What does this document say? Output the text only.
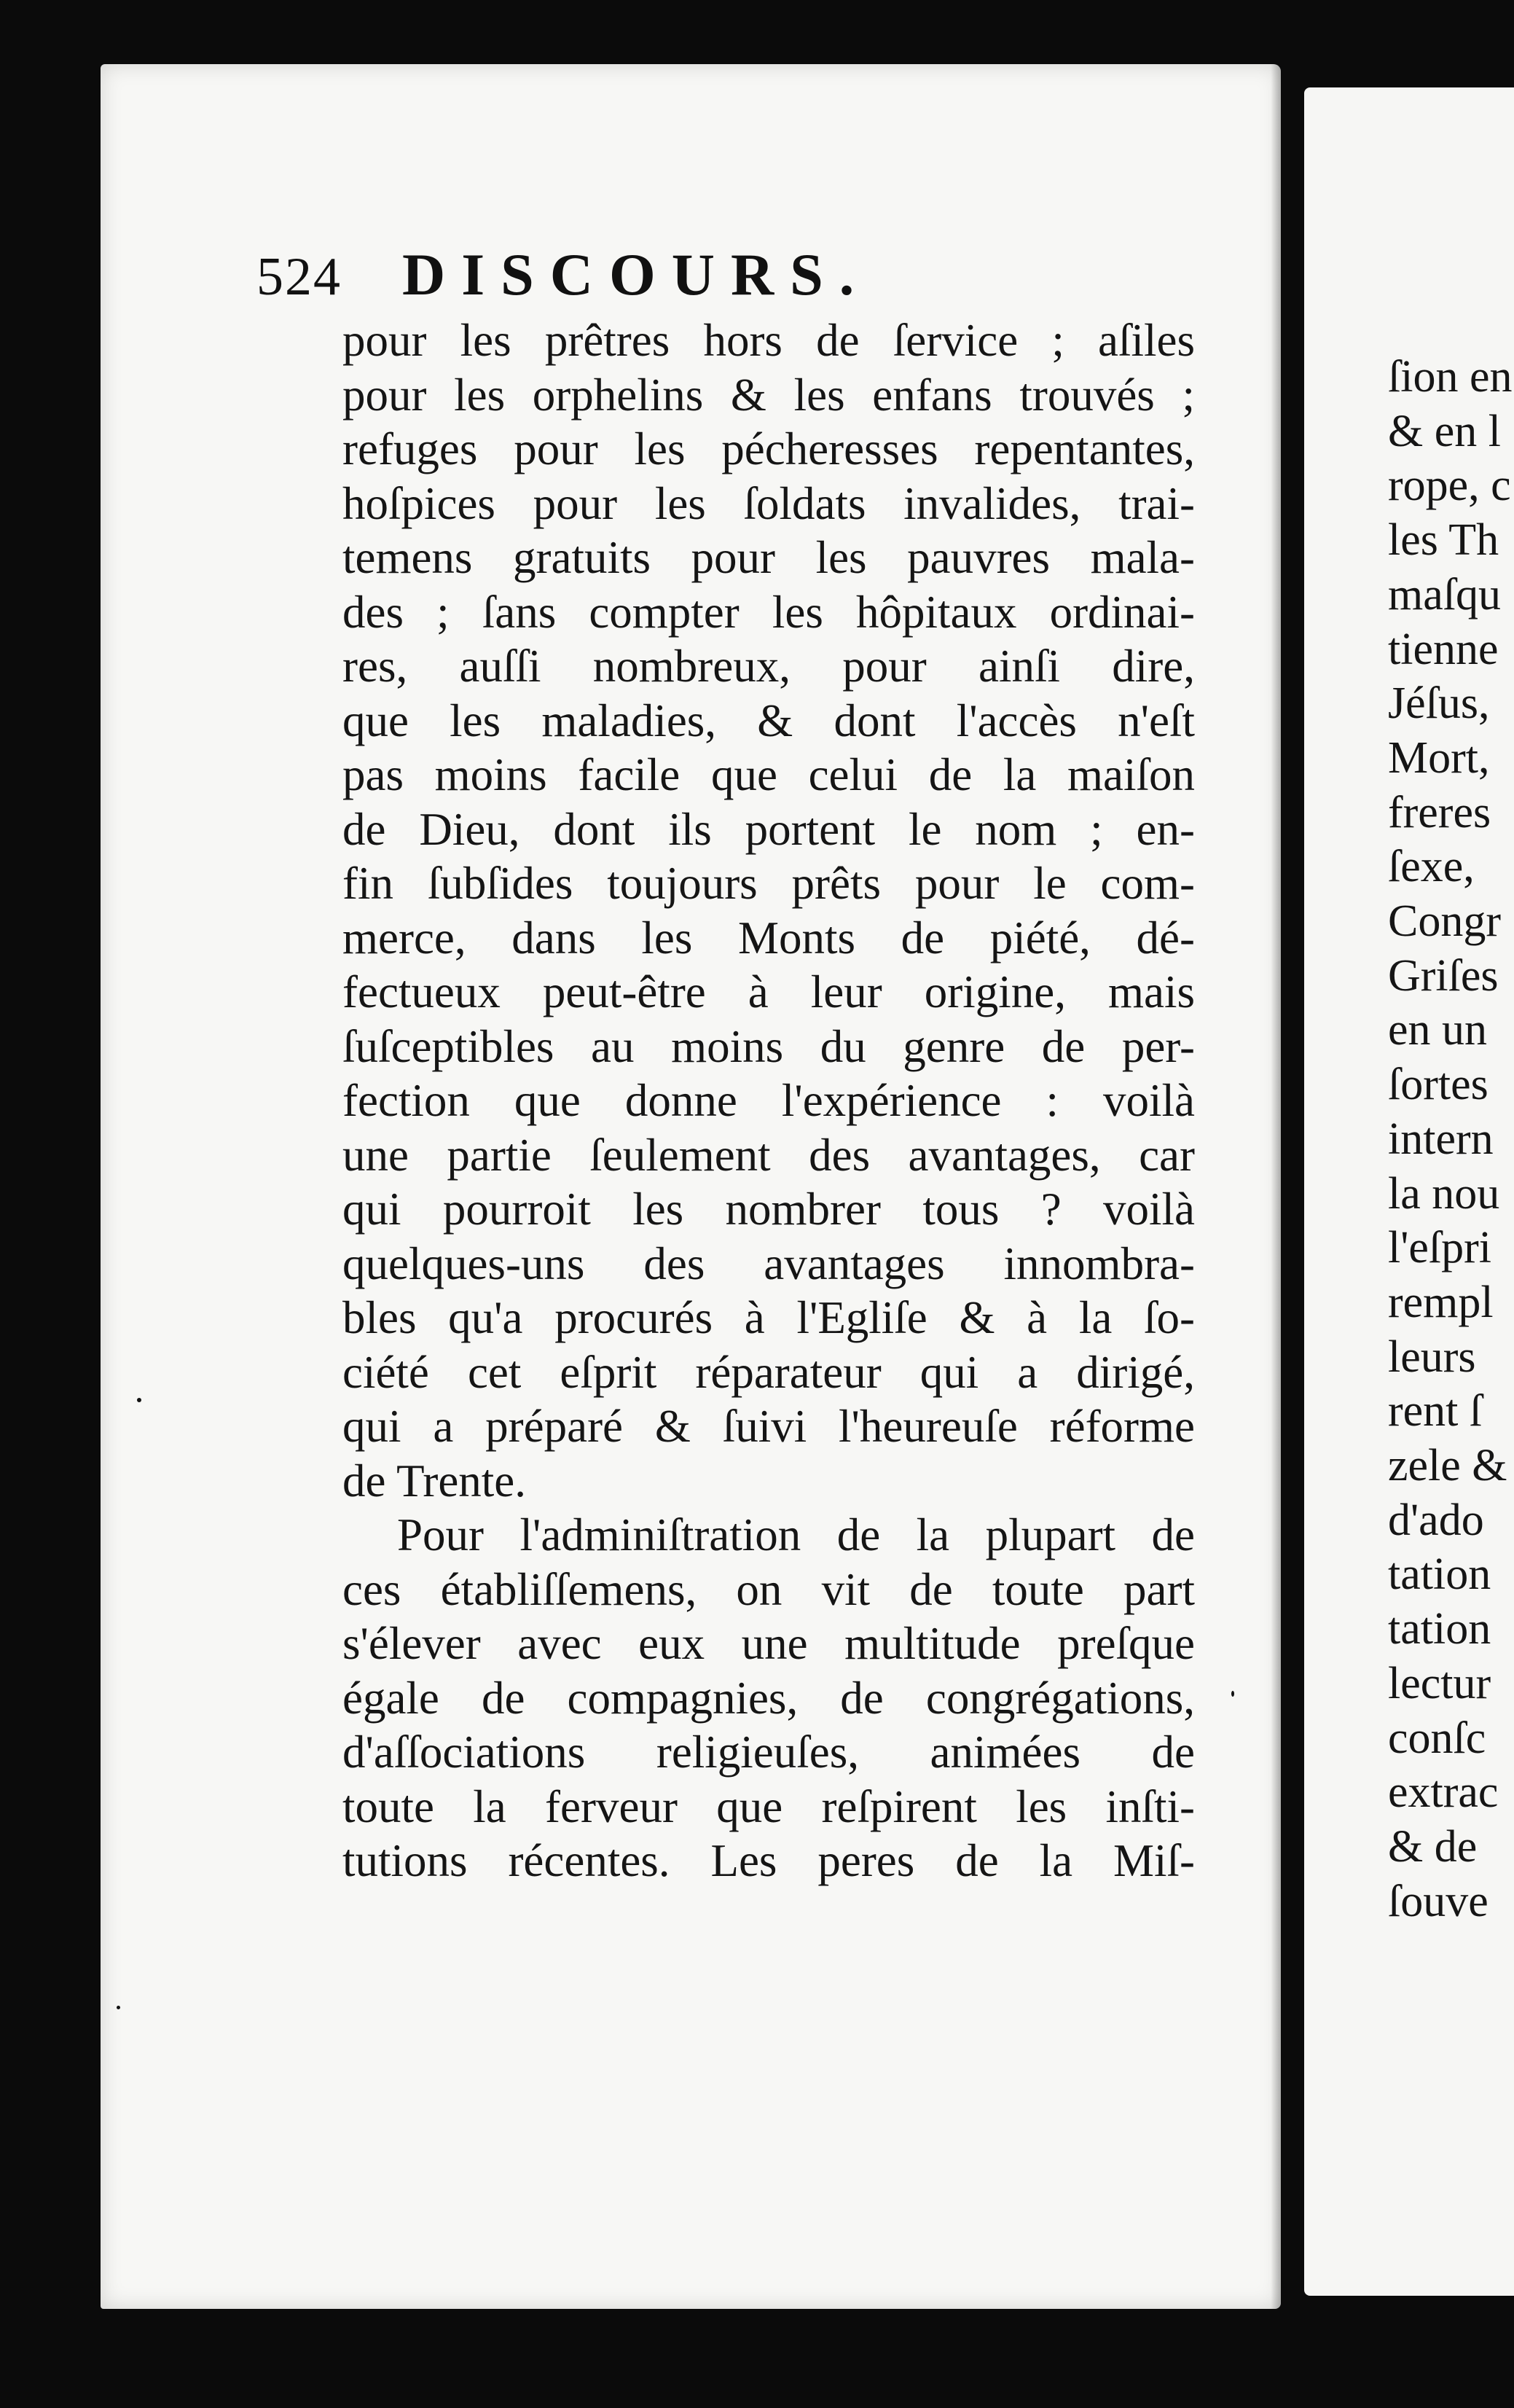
524 DISCOURS.
pour les prêtres hors de ſervice ; aſiles
pour les orphelins & les enfans trouvés ;
refuges pour les pécheresses repentantes,
hoſpices pour les ſoldats invalides, trai-
temens gratuits pour les pauvres mala-
des ; ſans compter les hôpitaux ordinai-
res, auſſi nombreux, pour ainſi dire,
que les maladies, & dont l'accès n'eſt
pas moins facile que celui de la maiſon
de Dieu, dont ils portent le nom ; en-
fin ſubſides toujours prêts pour le com-
merce, dans les Monts de piété, dé-
fectueux peut-être à leur origine, mais
ſuſceptibles au moins du genre de per-
fection que donne l'expérience : voilà
une partie ſeulement des avantages, car
qui pourroit les nombrer tous ? voilà
quelques-uns des avantages innombra-
bles qu'a procurés à l'Egliſe & à la ſo-
ciété cet eſprit réparateur qui a dirigé,
qui a préparé & ſuivi l'heureuſe réforme
de Trente.
Pour l'adminiſtration de la plupart de
ces établiſſemens, on vit de toute part
s'élever avec eux une multitude preſque
égale de compagnies, de congrégations,
d'aſſociations religieuſes, animées de
toute la ferveur que reſpirent les inſti-
tutions récentes. Les peres de la Miſ-
ſion en
& en l
rope, c
les Th
maſqu
tienne
Jéſus,
Mort,
freres
ſexe,
Congr
Griſes
en un
ſortes
intern
la nou
l'eſpri
rempl
leurs
rent ſ
zele &
d'ado
tation
tation
lectur
conſc
extrac
& de
ſouve
